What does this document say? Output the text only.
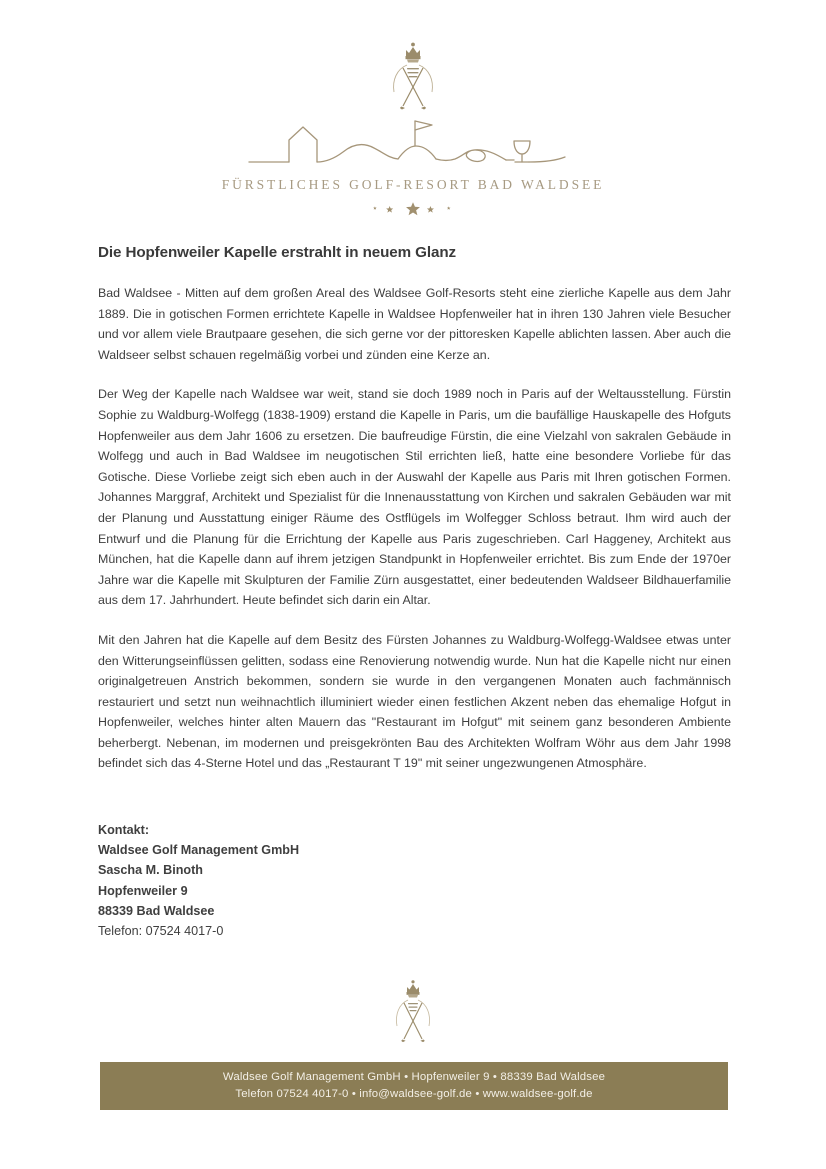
FÜRSTLICHES GOLF-RESORT BAD WALDSEE
Die Hopfenweiler Kapelle erstrahlt in neuem Glanz

Bad Waldsee - Mitten auf dem großen Areal des Waldsee Golf-Resorts steht eine zierliche Kapelle aus dem Jahr 1889. Die in gotischen Formen errichtete Kapelle in Waldsee Hopfenweiler hat in ihren 130 Jahren viele Besucher und vor allem viele Brautpaare gesehen, die sich gerne vor der pittoresken Kapelle ablichten lassen. Aber auch die Waldseer selbst schauen regelmäßig vorbei und zünden eine Kerze an.

Der Weg der Kapelle nach Waldsee war weit, stand sie doch 1989 noch in Paris auf der Weltausstellung. Fürstin Sophie zu Waldburg-Wolfegg (1838-1909) erstand die Kapelle in Paris, um die baufällige Hauskapelle des Hofguts Hopfenweiler aus dem Jahr 1606 zu ersetzen. Die baufreudige Fürstin, die eine Vielzahl von sakralen Gebäude in Wolfegg und auch in Bad Waldsee im neugotischen Stil errichten ließ, hatte eine besondere Vorliebe für das Gotische. Diese Vorliebe zeigt sich eben auch in der Auswahl der Kapelle aus Paris mit Ihren gotischen Formen. Johannes Marggraf, Architekt und Spezialist für die Innenausstattung von Kirchen und sakralen Gebäuden war mit der Planung und Ausstattung einiger Räume des Ostflügels im Wolfegger Schloss betraut. Ihm wird auch der Entwurf und die Planung für die Errichtung der Kapelle aus Paris zugeschrieben. Carl Haggeney, Architekt aus München, hat die Kapelle dann auf ihrem jetzigen Standpunkt in Hopfenweiler errichtet. Bis zum Ende der 1970er Jahre war die Kapelle mit Skulpturen der Familie Zürn ausgestattet, einer bedeutenden Waldseer Bildhauerfamilie aus dem 17. Jahrhundert. Heute befindet sich darin ein Altar.

Mit den Jahren hat die Kapelle auf dem Besitz des Fürsten Johannes zu Waldburg-Wolfegg-Waldsee etwas unter den Witterungseinflüssen gelitten, sodass eine Renovierung notwendig wurde. Nun hat die Kapelle nicht nur einen originalgetreuen Anstrich bekommen, sondern sie wurde in den vergangenen Monaten auch fachmännisch restauriert und setzt nun weihnachtlich illuminiert wieder einen festlichen Akzent neben das ehemalige Hofgut in Hopfenweiler, welches hinter alten Mauern das "Restaurant im Hofgut" mit seinem ganz besonderen Ambiente beherbergt. Nebenan, im modernen und preisgekrönten Bau des Architekten Wolfram Wöhr aus dem Jahr 1998 befindet sich das 4-Sterne Hotel und das „Restaurant T 19" mit seiner ungezwungenen Atmosphäre.

Kontakt:
Waldsee Golf Management GmbH
Sascha M. Binoth
Hopfenweiler 9
88339 Bad Waldsee
Telefon: 07524 4017-0
Waldsee Golf Management GmbH • Hopfenweiler 9 • 88339 Bad Waldsee
Telefon 07524 4017-0 • info@waldsee-golf.de • www.waldsee-golf.de
